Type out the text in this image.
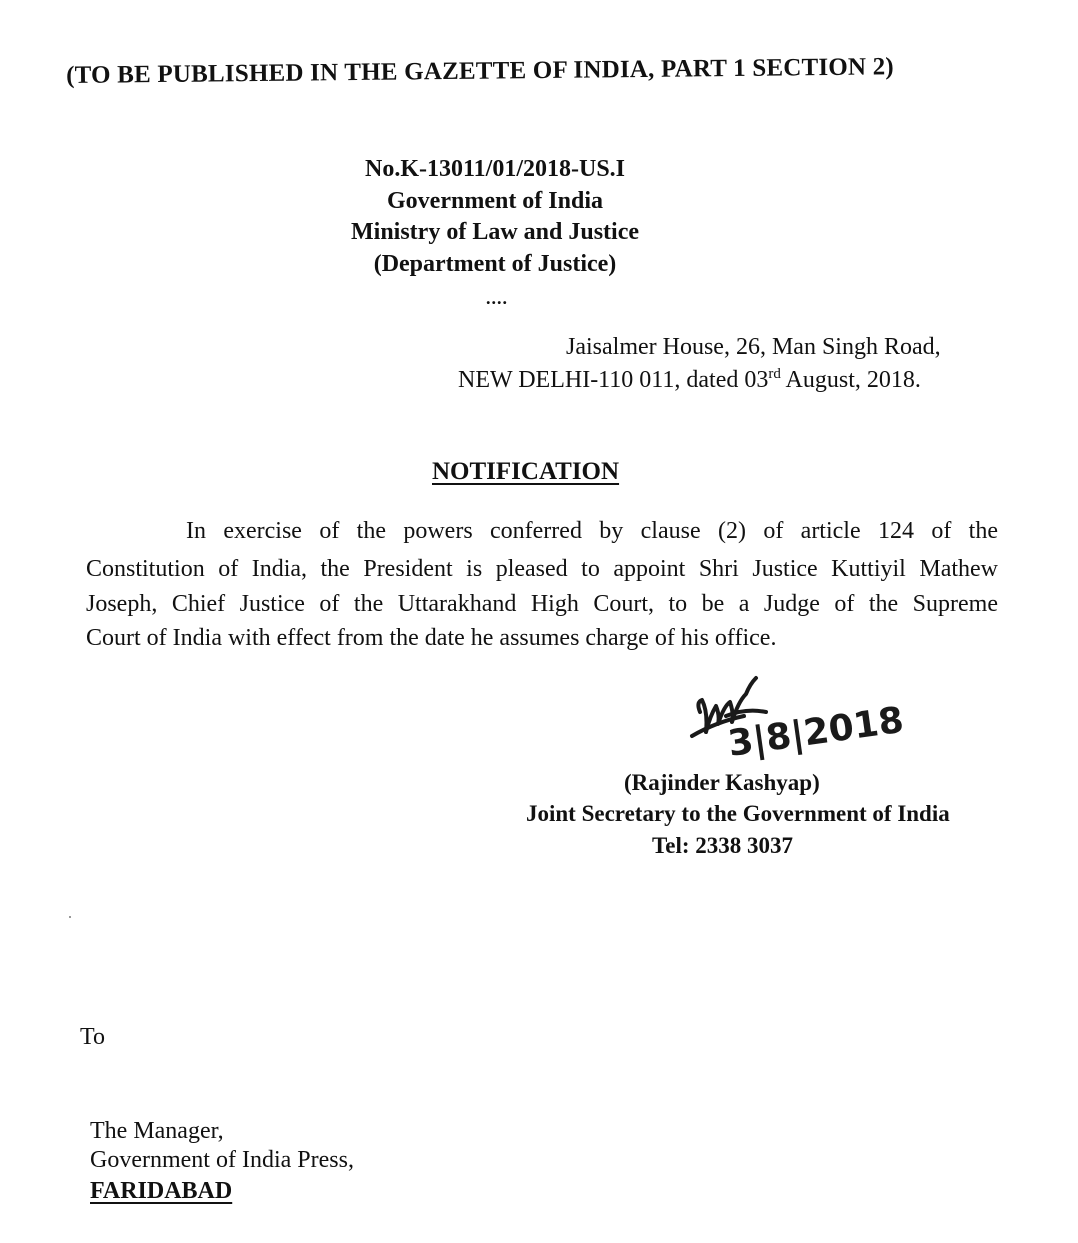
(TO BE PUBLISHED IN THE GAZETTE OF INDIA, PART 1 SECTION 2)
No.K-13011/01/2018-US.I
Government of India
Ministry of Law and Justice
(Department of Justice)
....
Jaisalmer House, 26, Man Singh Road,
NEW DELHI-110 011, dated 03rd August, 2018.
NOTIFICATION
In exercise of the powers conferred by clause (2) of article 124 of the
Constitution of India, the President is pleased to appoint Shri Justice Kuttiyil Mathew
Joseph, Chief Justice of the Uttarakhand High Court, to be a Judge of the Supreme
Court of India with effect from the date he assumes charge of his office.
3|8|2018
(Rajinder Kashyap)
Joint Secretary to the Government of India
Tel: 2338 3037
To
The Manager,
Government of India Press,
FARIDABAD
